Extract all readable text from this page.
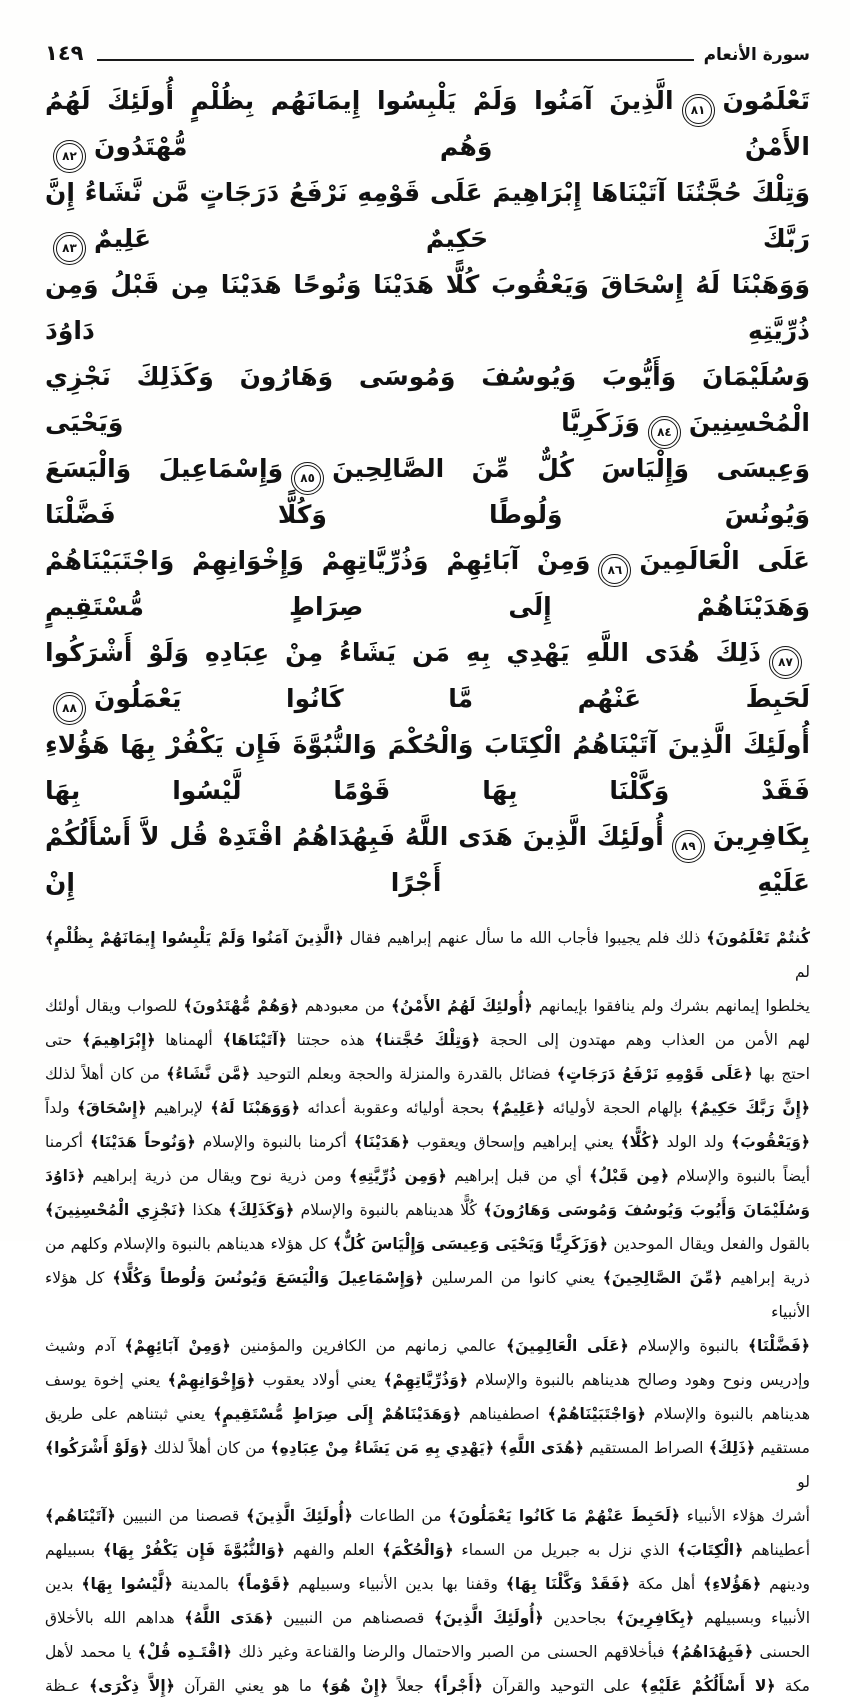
سورة الأنعام
١٤٩
تَعْلَمُونَ٨١الَّذِينَ آمَنُوا وَلَمْ يَلْبِسُوا إِيمَانَهُم بِظُلْمٍ أُولَئِكَ لَهُمُ الأَمْنُ وَهُم مُّهْتَدُونَ٨٢
وَتِلْكَ حُجَّتُنَا آتَيْنَاهَا إِبْرَاهِيمَ عَلَى قَوْمِهِ نَرْفَعُ دَرَجَاتٍ مَّن نَّشَاءُ إِنَّ رَبَّكَ حَكِيمٌ عَلِيمٌ٨٣
وَوَهَبْنَا لَهُ إِسْحَاقَ وَيَعْقُوبَ كُلًّا هَدَيْنَا وَنُوحًا هَدَيْنَا مِن قَبْلُ وَمِن ذُرِّيَّتِهِ دَاوُدَ
وَسُلَيْمَانَ وَأَيُّوبَ وَيُوسُفَ وَمُوسَى وَهَارُونَ وَكَذَلِكَ نَجْزِي الْمُحْسِنِينَ٨٤وَزَكَرِيَّا وَيَحْيَى
وَعِيسَى وَإِلْيَاسَ كُلٌّ مِّنَ الصَّالِحِينَ٨٥وَإِسْمَاعِيلَ وَالْيَسَعَ وَيُونُسَ وَلُوطًا وَكُلًّا فَضَّلْنَا
عَلَى الْعَالَمِينَ٨٦وَمِنْ آبَائِهِمْ وَذُرِّيَّاتِهِمْ وَإِخْوَانِهِمْ وَاجْتَبَيْنَاهُمْ وَهَدَيْنَاهُمْ إِلَى صِرَاطٍ مُّسْتَقِيمٍ
٨٧ذَلِكَ هُدَى اللَّهِ يَهْدِي بِهِ مَن يَشَاءُ مِنْ عِبَادِهِ وَلَوْ أَشْرَكُوا لَحَبِطَ عَنْهُم مَّا كَانُوا يَعْمَلُونَ٨٨
أُولَئِكَ الَّذِينَ آتَيْنَاهُمُ الْكِتَابَ وَالْحُكْمَ وَالنُّبُوَّةَ فَإِن يَكْفُرْ بِهَا هَؤُلاءِ فَقَدْ وَكَّلْنَا بِهَا قَوْمًا لَّيْسُوا بِهَا
بِكَافِرِينَ٨٩أُولَئِكَ الَّذِينَ هَدَى اللَّهُ فَبِهُدَاهُمُ اقْتَدِهْ قُل لاَّ أَسْأَلُكُمْ عَلَيْهِ أَجْرًا إِنْ
كُنتُمْ تَعْلَمُونَ﴾ ذلك فلم يجيبوا فأجاب الله ما سأل عنهم إبراهيم فقال ﴿الَّذِينَ آمَنُوا وَلَمْ يَلْبِسُوا إِيمَانَهُمْ بِظُلْمٍ﴾ لم
يخلطوا إيمانهم بشرك ولم ينافقوا بإيمانهم ﴿أُولئِكَ لَهُمُ الأَمْنُ﴾ من معبودهم ﴿وَهُمْ مُّهْتَدُونَ﴾ للصواب ويقال أولئك
لهم الأمن من العذاب وهم مهتدون إلى الحجة ﴿وَتِلْكَ حُجَّتنا﴾ هذه حجتنا ﴿آتَيْنَاهَا﴾ ألهمناها ﴿إِبْرَاهِيمَ﴾ حتى
احتج بها ﴿عَلَى قَوْمِهِ نَرْفَعُ دَرَجَاتٍ﴾ فضائل بالقدرة والمنزلة والحجة وبعلم التوحيد ﴿مَّن نَّشَاءُ﴾ من كان أهلاً لذلك
﴿إِنَّ رَبَّكَ حَكِيمٌ﴾ بإلهام الحجة لأوليائه ﴿عَلِيمٌ﴾ بحجة أوليائه وعقوبة أعدائه ﴿وَوَهَبْنَا لَهُ﴾ لإبراهيم ﴿إِسْحَاقَ﴾ ولداً
﴿وَيَعْقُوبَ﴾ ولد الولد ﴿كُلًّا﴾ يعني إبراهيم وإسحاق ويعقوب ﴿هَدَيْنَا﴾ أكرمنا بالنبوة والإسلام ﴿وَنُوحاً هَدَيْنَا﴾ أكرمنا
أيضاً بالنبوة والإسلام ﴿مِن قَبْلُ﴾ أي من قبل إبراهيم ﴿وَمِن ذُرِّيَّتِهِ﴾ ومن ذرية نوح ويقال من ذرية إبراهيم ﴿دَاوُدَ
وَسُلَيْمَانَ وَأَيُوبَ وَيُوسُفَ وَمُوسَى وَهَارُونَ﴾ كُلًّا هديناهم بالنبوة والإسلام ﴿وَكَذَلِكَ﴾ هكذا ﴿نَجْزِي الْمُحْسِنِينَ﴾
بالقول والفعل ويقال الموحدين ﴿وَزَكَرِيًّا وَيَحْيَى وَعِيسَى وَإِلْيَاسَ كُلٌّ﴾ كل هؤلاء هديناهم بالنبوة والإسلام وكلهم من
ذرية إبراهيم ﴿مِّنَ الصَّالِحِينَ﴾ يعني كانوا من المرسلين ﴿وَإِسْمَاعِيلَ وَالْيَسَعَ وَيُونُسَ وَلُوطاً وَكُلًّا﴾ كل هؤلاء الأنبياء
﴿فَضَّلْنَا﴾ بالنبوة والإسلام ﴿عَلَى الْعَالِمِينَ﴾ عالمي زمانهم من الكافرين والمؤمنين ﴿وَمِنْ آبَائِهِمْ﴾ آدم وشيث
وإدريس ونوح وهود وصالح هديناهم بالنبوة والإسلام ﴿وَذُرِّيَّاتِهِمْ﴾ يعني أولاد يعقوب ﴿وَإِخْوَانِهِمْ﴾ يعني إخوة يوسف
هديناهم بالنبوة والإسلام ﴿وَاجْتَبَيْنَاهُمْ﴾ اصطفيناهم ﴿وَهَدَيْنَاهُمْ إِلَى صِرَاطٍ مُّسْتَقِيمٍ﴾ يعني ثبتناهم على طريق
مستقيم ﴿ذَلِكَ﴾ الصراط المستقيم ﴿هُدَى اللَّهِ﴾ ﴿يَهْدِي بِهِ مَن يَشَاءُ مِنْ عِبَادِهِ﴾ من كان أهلاً لذلك ﴿وَلَوْ أَشْرَكُوا﴾ لو
أشرك هؤلاء الأنبياء ﴿لَحَبِطَ عَنْهُمْ مَا كَانُوا يَعْمَلُونَ﴾ من الطاعات ﴿أُولَئِكَ الَّذِينَ﴾ قصصنا من النبيين ﴿آتَيْنَاهُم﴾
أعطيناهم ﴿الْكِتَابَ﴾ الذي نزل به جبريل من السماء ﴿وَالْحُكْمَ﴾ العلم والفهم ﴿وَالنُّبُوَّةَ فَإِن يَكْفُرْ بِهَا﴾ بسبيلهم
ودينهم ﴿هَؤُلاءِ﴾ أهل مكة ﴿فَقَدْ وَكَّلْنَا بِهَا﴾ وقفنا بها بدين الأنبياء وسبيلهم ﴿قَوْماً﴾ بالمدينة ﴿لَّيْسُوا بِهَا﴾ بدين
الأنبياء وبسبيلهم ﴿بِكَافِرِينَ﴾ بجاحدين ﴿أُولَئِكَ الَّذِينَ﴾ قصصناهم من النبيين ﴿هَدَى اللَّهُ﴾ هداهم الله بالأخلاق
الحسنى ﴿فَبِهُدَاهُمُ﴾ فبأخلاقهم الحسنى من الصبر والاحتمال والرضا والقناعة وغير ذلك ﴿اقْتَـدِه قُلْ﴾ يا محمد لأهل
مكة ﴿لا أَسْأَلُكُمْ عَلَيْهِ﴾ على التوحيد والقرآن ﴿أَجْراً﴾ جعلاً ﴿إِنْ هُوَ﴾ ما هو يعني القرآن ﴿إِلاَّ ذِكْرَى﴾ عـظة
